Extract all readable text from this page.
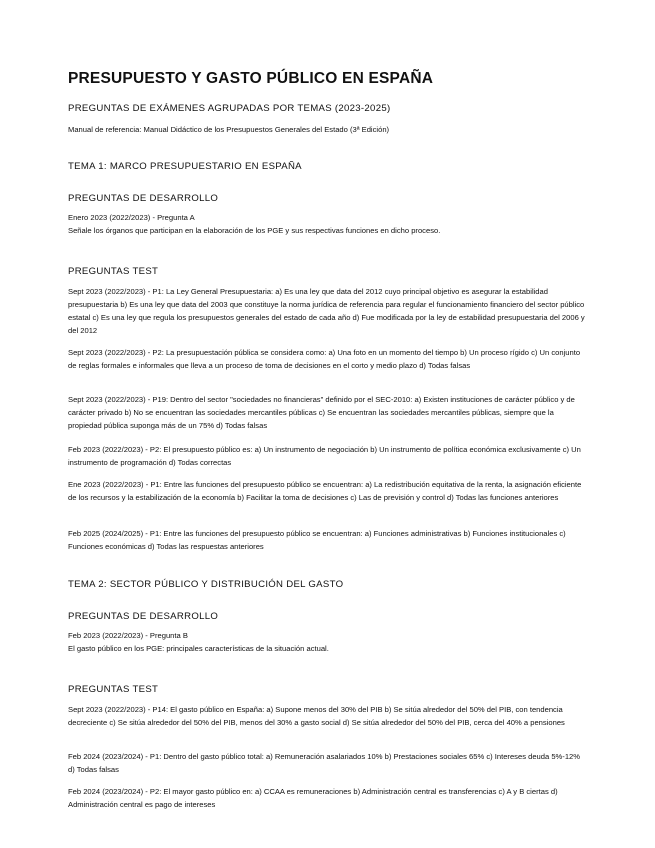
PRESUPUESTO Y GASTO PÚBLICO EN ESPAÑA
PREGUNTAS DE EXÁMENES AGRUPADAS POR TEMAS (2023-2025)
Manual de referencia: Manual Didáctico de los Presupuestos Generales del Estado (3ª Edición)
TEMA 1: MARCO PRESUPUESTARIO EN ESPAÑA
PREGUNTAS DE DESARROLLO
Enero 2023 (2022/2023) - Pregunta A
Señale los órganos que participan en la elaboración de los PGE y sus respectivas funciones en dicho proceso.
PREGUNTAS TEST
Sept 2023 (2022/2023) - P1: La Ley General Presupuestaria: a) Es una ley que data del 2012 cuyo principal objetivo es asegurar la estabilidad presupuestaria b) Es una ley que data del 2003 que constituye la norma jurídica de referencia para regular el funcionamiento financiero del sector público estatal c) Es una ley que regula los presupuestos generales del estado de cada año d) Fue modificada por la ley de estabilidad presupuestaria del 2006 y del 2012
Sept 2023 (2022/2023) - P2: La presupuestación pública se considera como: a) Una foto en un momento del tiempo b) Un proceso rígido c) Un conjunto de reglas formales e informales que lleva a un proceso de toma de decisiones en el corto y medio plazo d) Todas falsas
Sept 2023 (2022/2023) - P19: Dentro del sector "sociedades no financieras" definido por el SEC-2010: a) Existen instituciones de carácter público y de carácter privado b) No se encuentran las sociedades mercantiles públicas c) Se encuentran las sociedades mercantiles públicas, siempre que la propiedad pública suponga más de un 75% d) Todas falsas
Feb 2023 (2022/2023) - P2: El presupuesto público es: a) Un instrumento de negociación b) Un instrumento de política económica exclusivamente c) Un instrumento de programación d) Todas correctas
Ene 2023 (2022/2023) - P1: Entre las funciones del presupuesto público se encuentran: a) La redistribución equitativa de la renta, la asignación eficiente de los recursos y la estabilización de la economía b) Facilitar la toma de decisiones c) Las de previsión y control d) Todas las funciones anteriores
Feb 2025 (2024/2025) - P1: Entre las funciones del presupuesto público se encuentran: a) Funciones administrativas b) Funciones institucionales c) Funciones económicas d) Todas las respuestas anteriores
TEMA 2: SECTOR PÚBLICO Y DISTRIBUCIÓN DEL GASTO
PREGUNTAS DE DESARROLLO
Feb 2023 (2022/2023) - Pregunta B
El gasto público en los PGE: principales características de la situación actual.
PREGUNTAS TEST
Sept 2023 (2022/2023) - P14: El gasto público en España: a) Supone menos del 30% del PIB b) Se sitúa alrededor del 50% del PIB, con tendencia decreciente c) Se sitúa alrededor del 50% del PIB, menos del 30% a gasto social d) Se sitúa alrededor del 50% del PIB, cerca del 40% a pensiones
Feb 2024 (2023/2024) - P1: Dentro del gasto público total: a) Remuneración asalariados 10% b) Prestaciones sociales 65% c) Intereses deuda 5%-12% d) Todas falsas
Feb 2024 (2023/2024) - P2: El mayor gasto público en: a) CCAA es remuneraciones b) Administración central es transferencias c) A y B ciertas d) Administración central es pago de intereses
